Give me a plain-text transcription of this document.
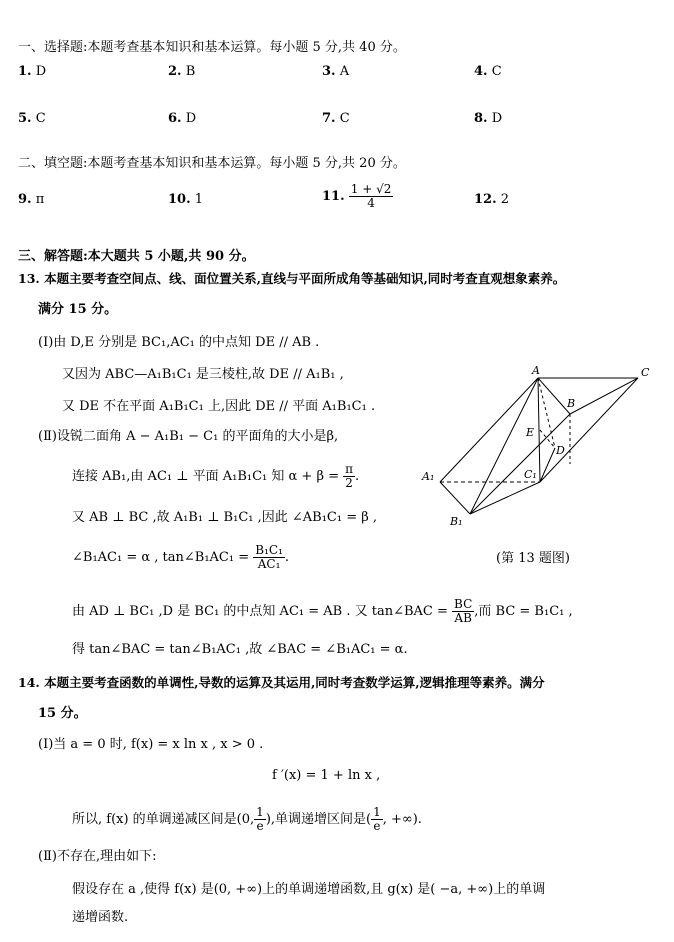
一、选择题:本题考查基本知识和基本运算。每小题 5 分,共 40 分。
1. D	2. B	3. A	4. C
5. C	6. D	7. C	8. D
二、填空题:本题考查基本知识和基本运算。每小题 5 分,共 20 分。
9. π	10. 1	11. $\frac{1 + √2}{4}$	12. 2
三、解答题:本大题共 5 小题,共 90 分。
13. 本题主要考查空间点、线、面位置关系,直线与平面所成角等基础知识,同时考查直观想象素养。
满分 15 分。
(Ⅰ)由 D,E 分别是 BC₁,AC₁ 的中点知 DE // AB .
又因为 ABC—A₁B₁C₁ 是三棱柱,故 DE // A₁B₁ ,
又 DE 不在平面 A₁B₁C₁ 上,因此 DE // 平面 A₁B₁C₁ .
(Ⅱ)设锐二面角 A − A₁B₁ − C₁ 的平面角的大小是β,
连接 AB₁,由 AC₁ ⊥ 平面 A₁B₁C₁ 知 $\alpha + \beta = \frac{\pi}{2}$ .
又 AB ⊥ BC ,故 A₁B₁ ⊥ B₁C₁ ,因此 ∠AB₁C₁ = β ,
∠B₁AC₁ = α , tan∠B₁AC₁ = $\frac{\text{B₁C₁}}{\text{AC₁}}$ .
由 AD ⊥ BC₁ ,D 是 BC₁ 的中点知 AC₁ = AB . 又 tan∠BAC = $\frac{BC}{AB}$ ,而 BC = B₁C₁ ,
得 tan∠BAC = tan∠B₁AC₁ ,故 ∠BAC = ∠B₁AC₁ = α.
A	C
B
E
D
A₁	C₁
B₁
(第 13 题图)
14. 本题主要考查函数的单调性,导数的运算及其运用,同时考查数学运算,逻辑推理等素养。满分
15 分。
(Ⅰ)当 a = 0 时, f(x) = x ln x , x > 0 .
f ′(x) = 1 + ln x ,
所以, f(x) 的单调递减区间是(0, $\frac{1}{e}$ ),单调递增区间是( $\frac{1}{e}$ , +∞).
(Ⅱ)不存在,理由如下:
假设存在 a ,使得 f(x) 是(0, +∞)上的单调递增函数,且 g(x) 是( −a, +∞)上的单调
递增函数.
